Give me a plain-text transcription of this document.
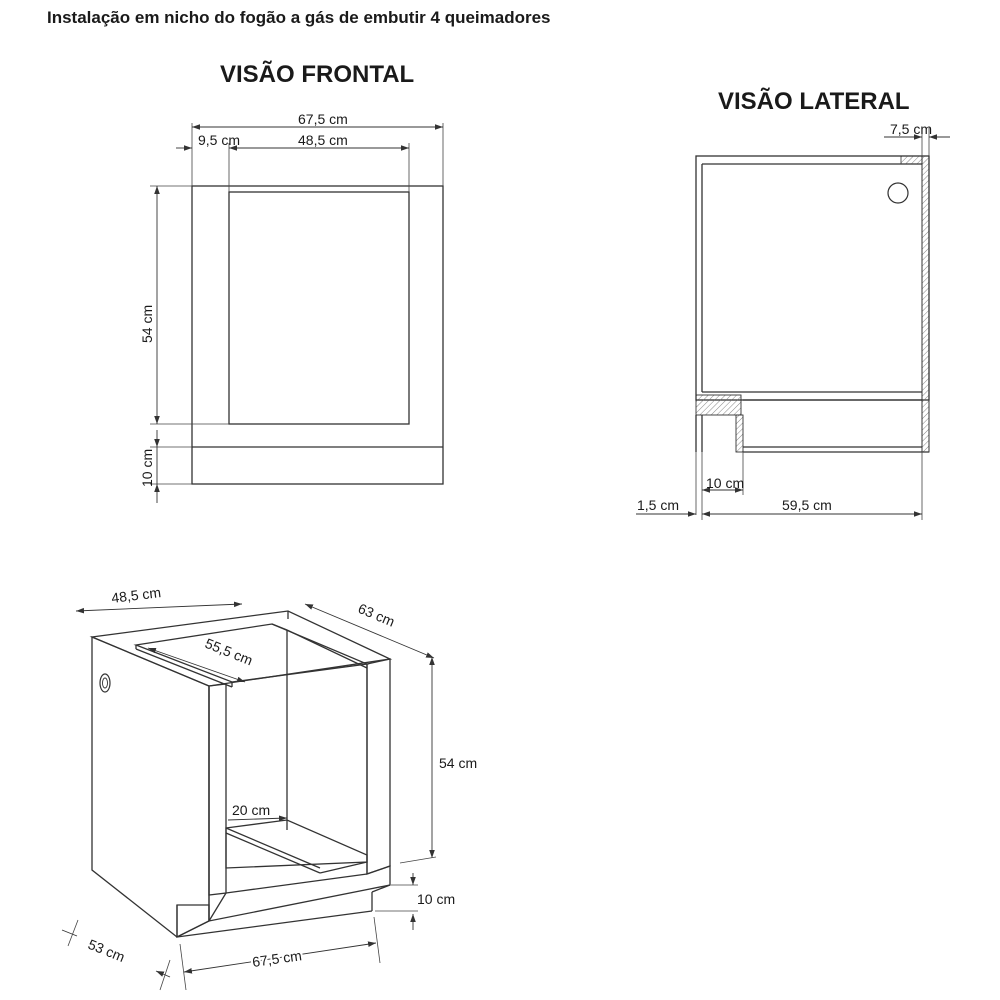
Instalação em nicho do fogão a gás de embutir 4 queimadores
VISÃO FRONTAL
67,5 cm
9,5 cm	48,5 cm
54 cm
10 cm
VISÃO LATERAL
7,5 cm
10 cm
1,5 cm	59,5 cm
48,5 cm
63 cm
55,5 cm
54 cm
20 cm
10 cm
53 cm	67,5 cm
